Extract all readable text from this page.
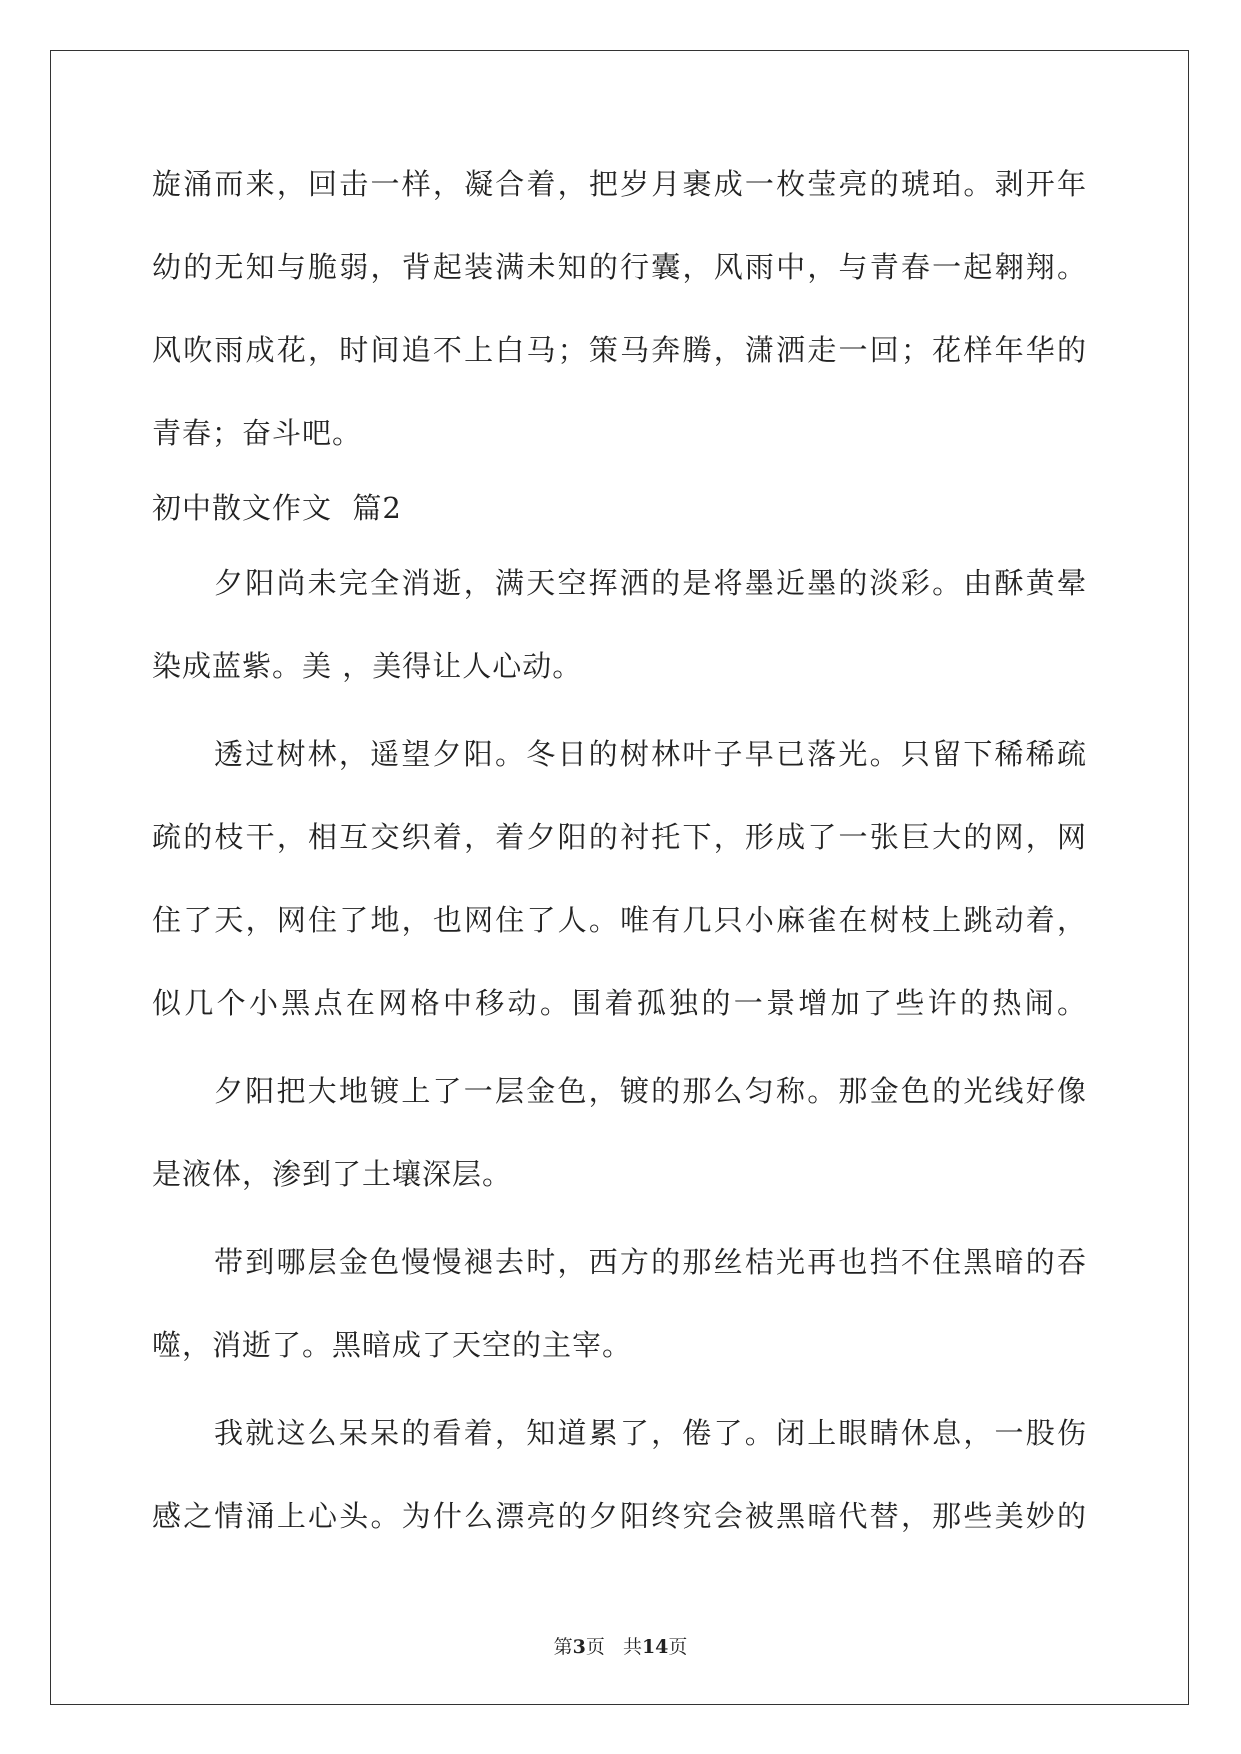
旋涌而来，回击一样，凝合着，把岁月裹成一枚莹亮的琥珀。剥开年
幼的无知与脆弱，背起装满未知的行囊，风雨中，与青春一起翱翔。
风吹雨成花，时间追不上白马；策马奔腾，潇洒走一回；花样年华的
青春；奋斗吧。
初中散文作文  篇2
夕阳尚未完全消逝，满天空挥洒的是将墨近墨的淡彩。由酥黄晕
染成蓝紫。美 ，美得让人心动。
透过树林，遥望夕阳。冬日的树林叶子早已落光。只留下稀稀疏
疏的枝干，相互交织着，着夕阳的衬托下，形成了一张巨大的网，网
住了天，网住了地，也网住了人。唯有几只小麻雀在树枝上跳动着，
似几个小黑点在网格中移动。围着孤独的一景增加了些许的热闹。
夕阳把大地镀上了一层金色，镀的那么匀称。那金色的光线好像
是液体，渗到了土壤深层。
带到哪层金色慢慢褪去时，西方的那丝桔光再也挡不住黑暗的吞
噬，消逝了。黑暗成了天空的主宰。
我就这么呆呆的看着，知道累了，倦了。闭上眼睛休息，一股伤
感之情涌上心头。为什么漂亮的夕阳终究会被黑暗代替，那些美妙的
第3页   共14页
